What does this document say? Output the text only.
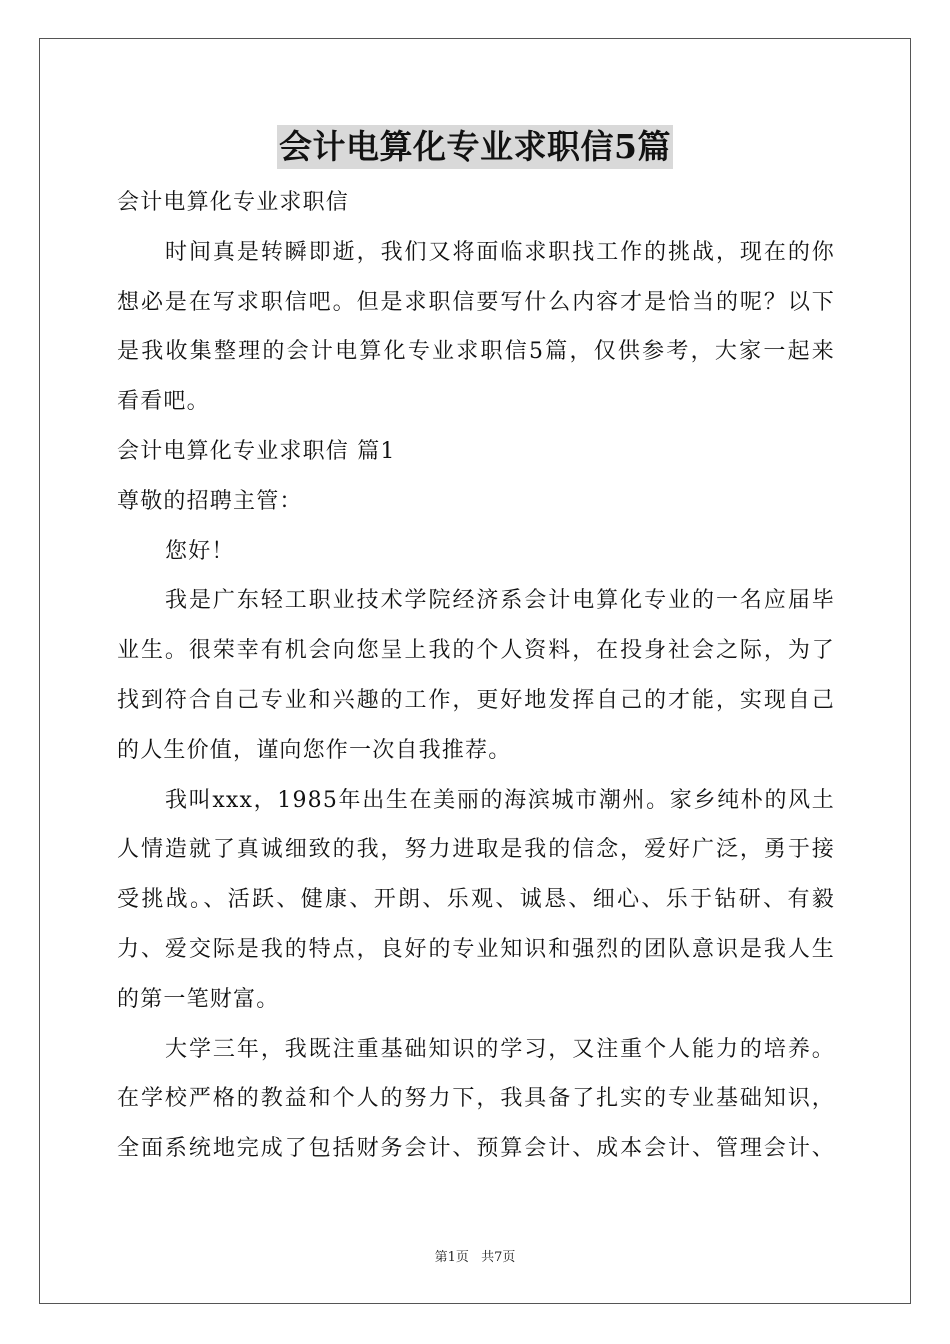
会计电算化专业求职信5篇
会计电算化专业求职信
时间真是转瞬即逝，我们又将面临求职找工作的挑战，现在的你
想必是在写求职信吧。但是求职信要写什么内容才是恰当的呢？以下
是我收集整理的会计电算化专业求职信5篇，仅供参考，大家一起来
看看吧。
会计电算化专业求职信 篇1
尊敬的招聘主管：
您好！
我是广东轻工职业技术学院经济系会计电算化专业的一名应届毕
业生。很荣幸有机会向您呈上我的个人资料，在投身社会之际，为了
找到符合自己专业和兴趣的工作，更好地发挥自己的才能，实现自己
的人生价值，谨向您作一次自我推荐。
我叫xxx，1985年出生在美丽的海滨城市潮州。家乡纯朴的风土
人情造就了真诚细致的我，努力进取是我的信念，爱好广泛，勇于接
受挑战。、活跃、健康、开朗、乐观、诚恳、细心、乐于钻研、有毅
力、爱交际是我的特点，良好的专业知识和强烈的团队意识是我人生
的第一笔财富。
大学三年，我既注重基础知识的学习，又注重个人能力的培养。
在学校严格的教益和个人的努力下，我具备了扎实的专业基础知识，
全面系统地完成了包括财务会计、预算会计、成本会计、管理会计、
第1页 共7页
